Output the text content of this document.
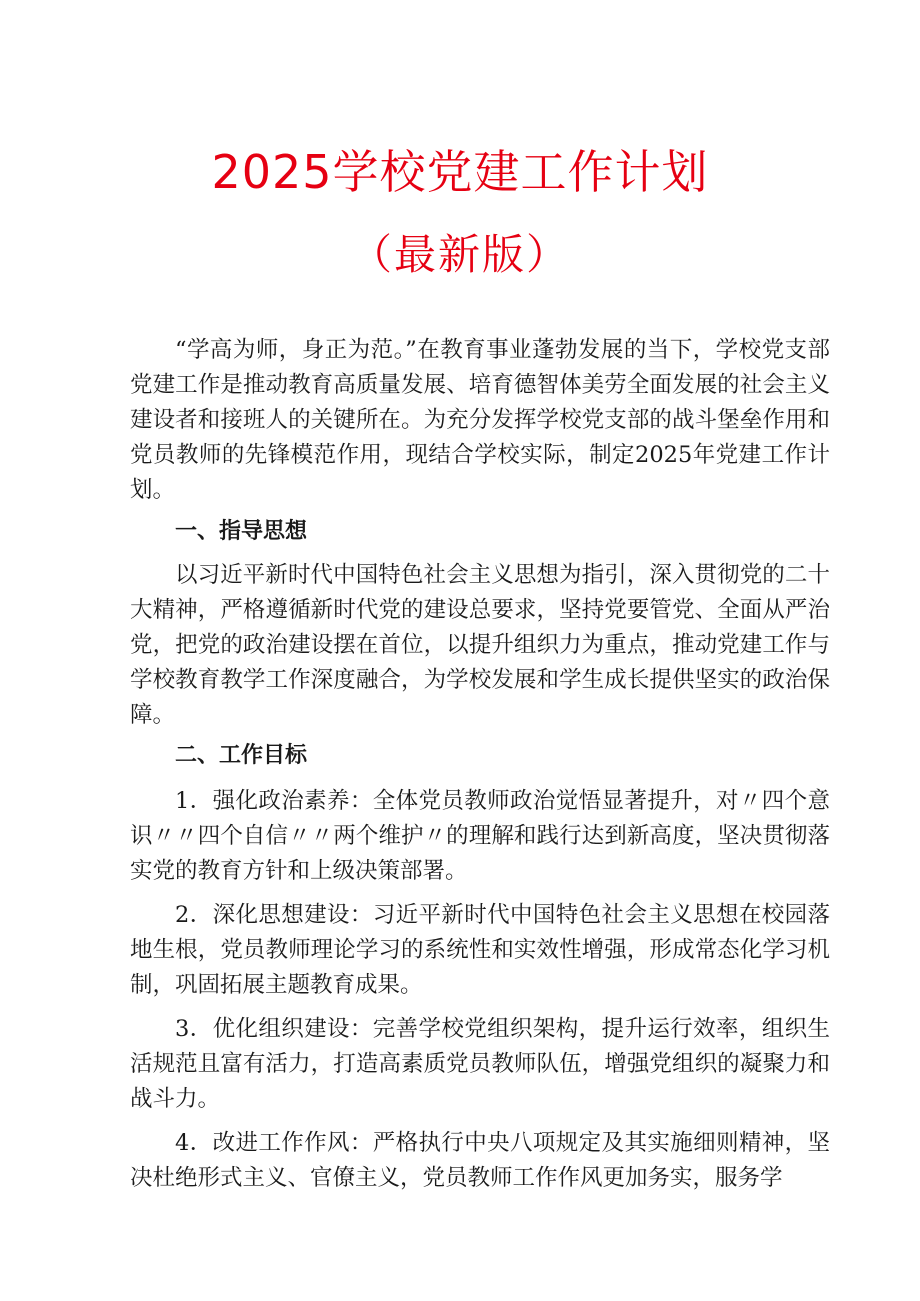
2025学校党建工作计划
（最新版）

“学高为师，身正为范。”在教育事业蓬勃发展的当下，学校党支部党建工作是推动教育高质量发展、培育德智体美劳全面发展的社会主义建设者和接班人的关键所在。为充分发挥学校党支部的战斗堡垒作用和党员教师的先锋模范作用，现结合学校实际，制定2025年党建工作计划。

一、指导思想

以习近平新时代中国特色社会主义思想为指引，深入贯彻党的二十大精神，严格遵循新时代党的建设总要求，坚持党要管党、全面从严治党，把党的政治建设摆在首位，以提升组织力为重点，推动党建工作与学校教育教学工作深度融合，为学校发展和学生成长提供坚实的政治保障。

二、工作目标

1．强化政治素养：全体党员教师政治觉悟显著提升，对〃四个意识〃〃四个自信〃〃两个维护〃的理解和践行达到新高度，坚决贯彻落实党的教育方针和上级决策部署。

2．深化思想建设：习近平新时代中国特色社会主义思想在校园落地生根，党员教师理论学习的系统性和实效性增强，形成常态化学习机制，巩固拓展主题教育成果。

3．优化组织建设：完善学校党组织架构，提升运行效率，组织生活规范且富有活力，打造高素质党员教师队伍，增强党组织的凝聚力和战斗力。

4．改进工作作风：严格执行中央八项规定及其实施细则精神，坚决杜绝形式主义、官僚主义，党员教师工作作风更加务实，服务学
